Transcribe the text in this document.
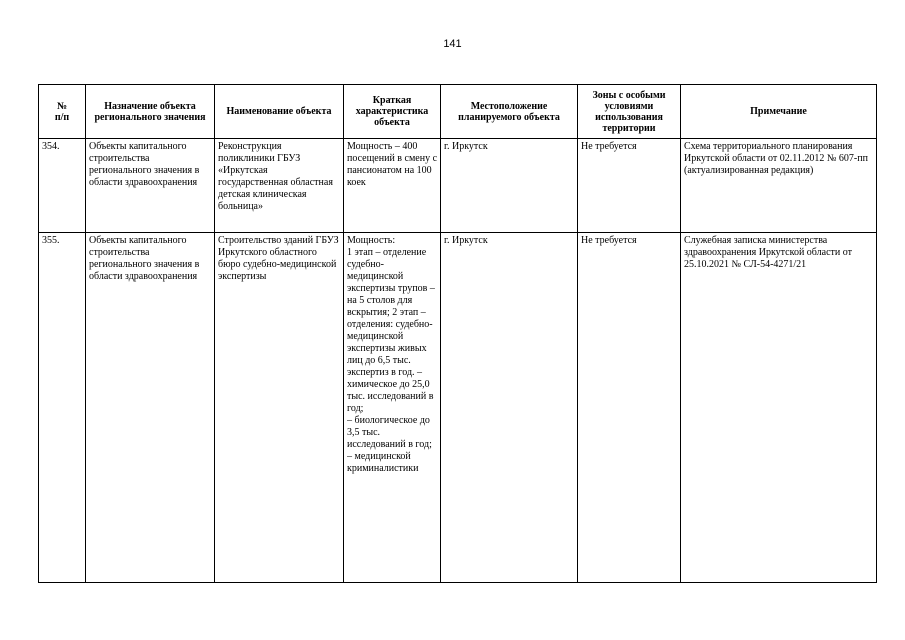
141
№
п/п	Назначение объекта регионального значения	Наименование объекта	Краткая характеристика объекта	Местоположение планируемого объекта	Зоны с особыми условиями использования территории	Примечание

354.	Объекты капитального строительства регионального значения в области здравоохранения	Реконструкция поликлиники ГБУЗ «Иркутская государственная областная детская клиническая больница»	Мощность – 400 посещений в смену с пансионатом на 100 коек	г. Иркутск	Не требуется	Схема территориального планирования Иркутской области от 02.11.2012 № 607-пп (актуализированная редакция)

355.	Объекты капитального строительства регионального значения в области здравоохранения	Строительство зданий ГБУЗ Иркутского областного бюро судебно-медицинской экспертизы	Мощность:
1 этап – отделение судебно-медицинской экспертизы трупов – на 5 столов для вскрытия; 2 этап – отделения: судебно-медицинской экспертизы живых лиц до 6,5 тыс. экспертиз в год. – химическое до 25,0 тыс. исследований в год;
– биологическое до 3,5 тыс. исследований в год;
– медицинской криминалистики	г. Иркутск	Не требуется	Служебная записка министерства здравоохранения Иркутской области от 25.10.2021 № СЛ-54-4271/21
